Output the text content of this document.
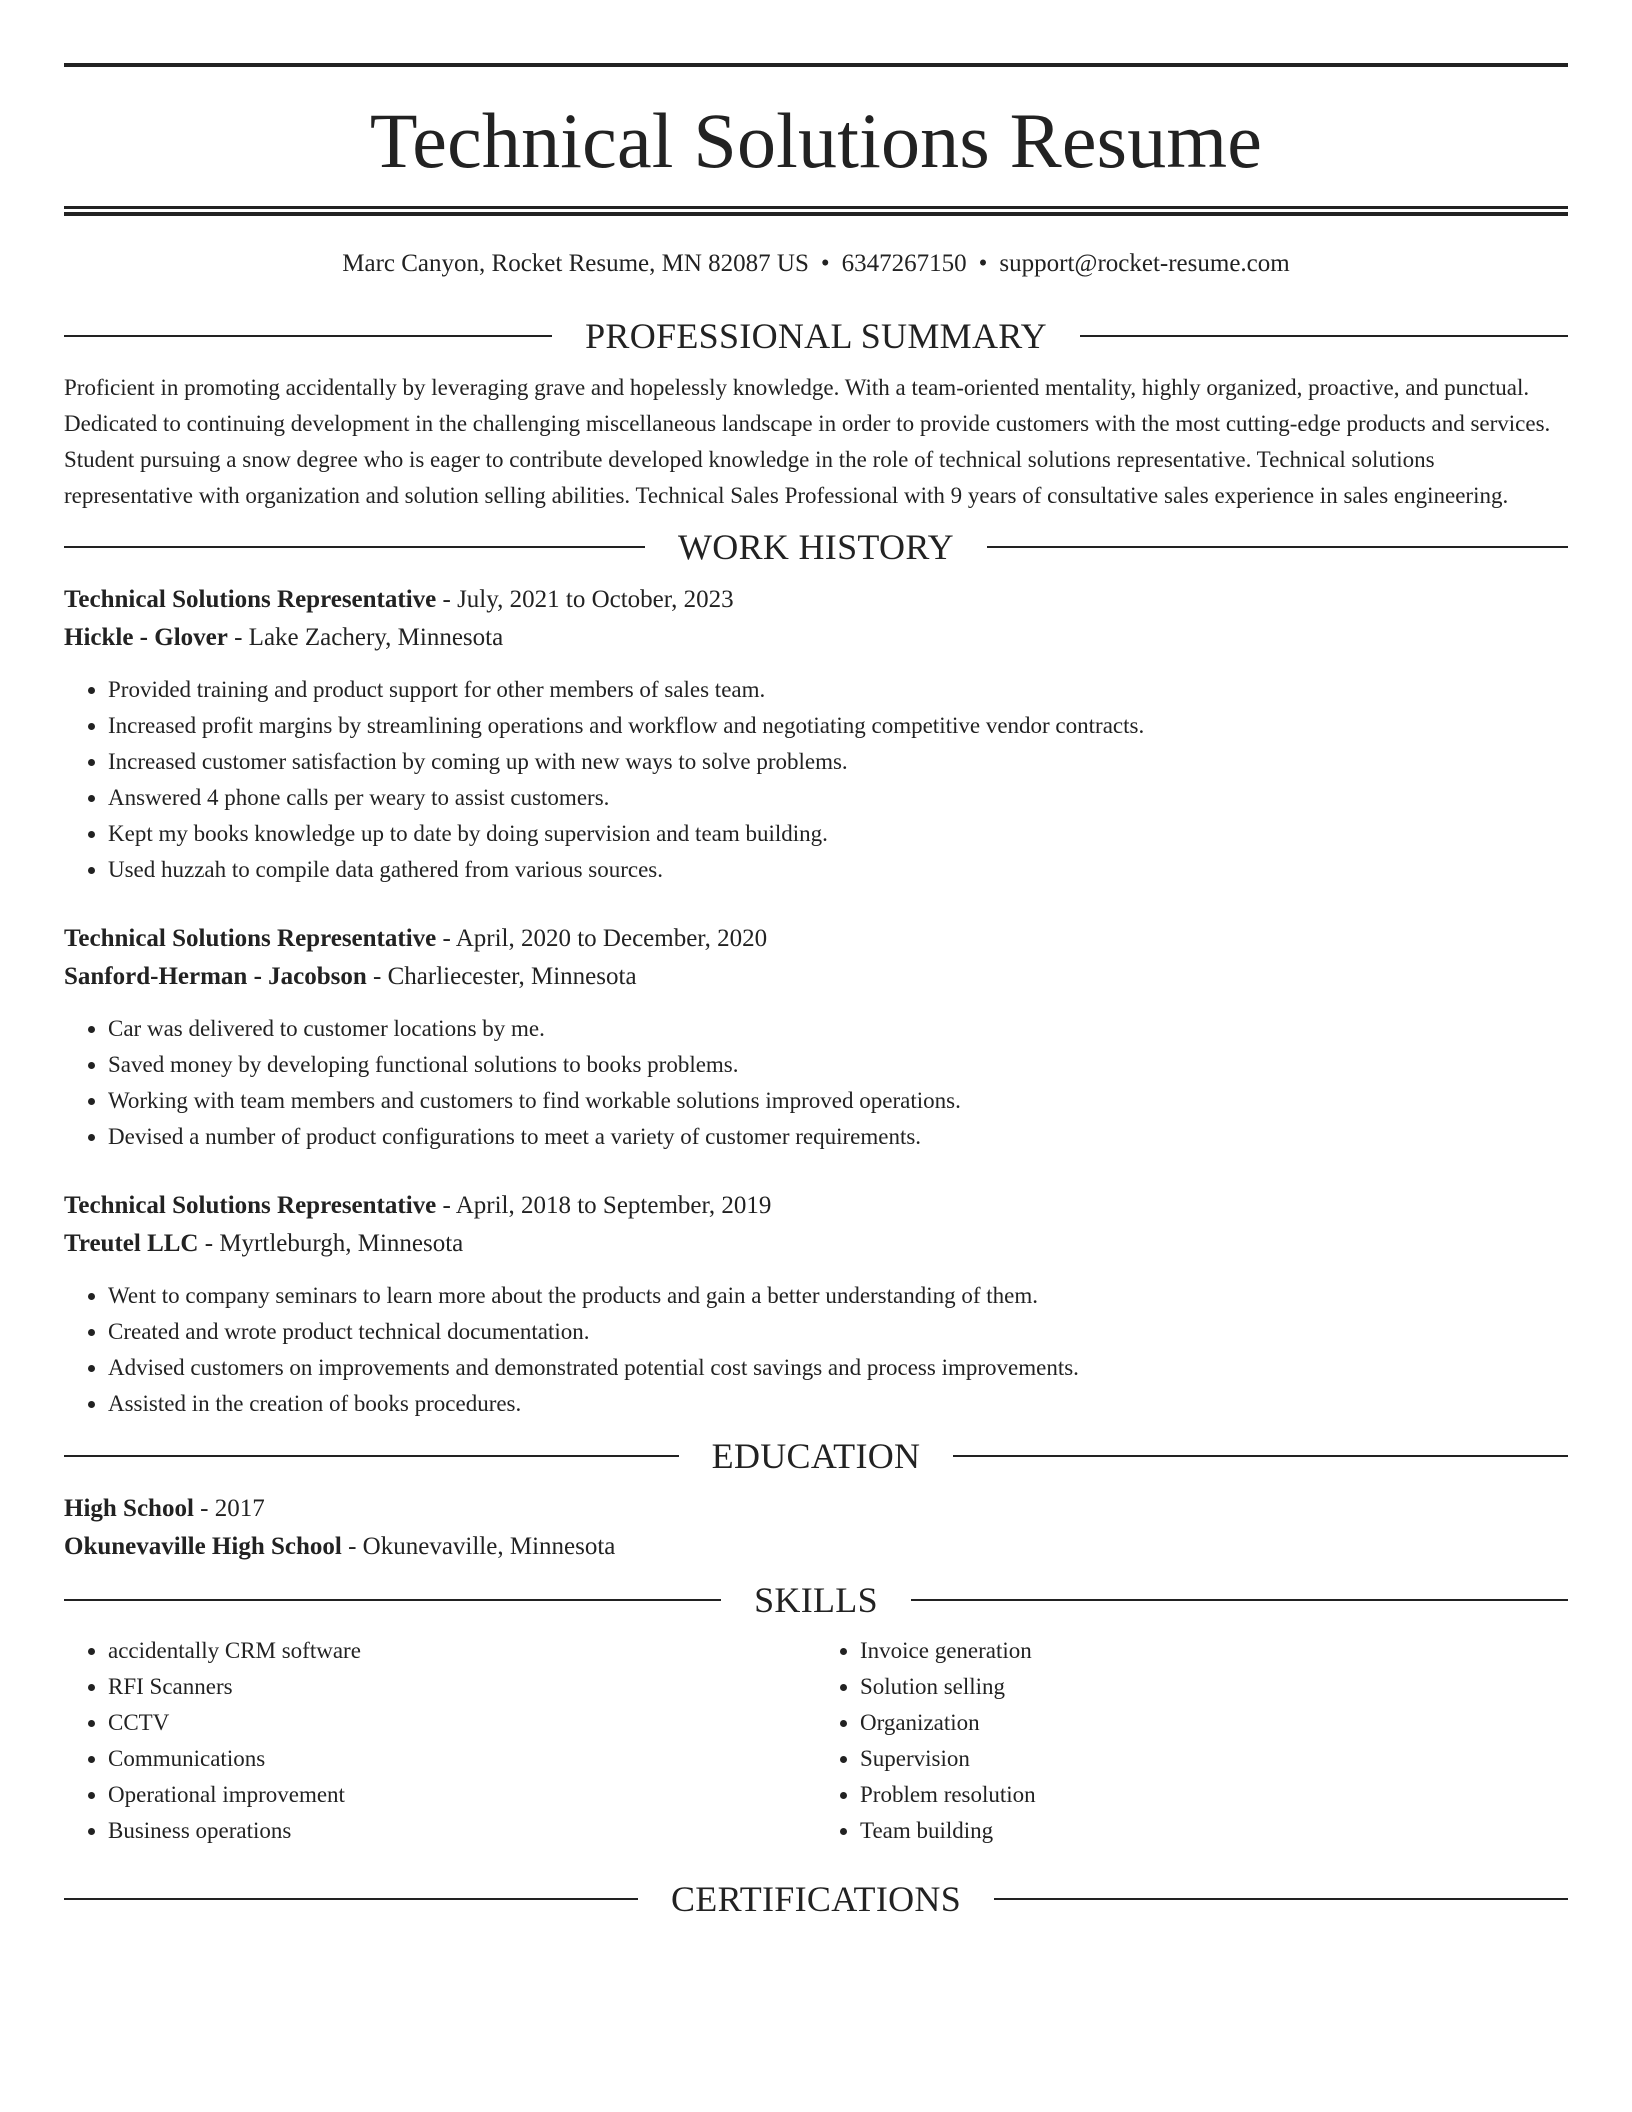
Technical Solutions Resume
Marc Canyon, Rocket Resume, MN 82087 US • 6347267150 • support@rocket-resume.com
PROFESSIONAL SUMMARY

Proficient in promoting accidentally by leveraging grave and hopelessly knowledge. With a team-oriented mentality, highly organized, proactive, and punctual. Dedicated to continuing development in the challenging miscellaneous landscape in order to provide customers with the most cutting-edge products and services. Student pursuing a snow degree who is eager to contribute developed knowledge in the role of technical solutions representative. Technical solutions representative with organization and solution selling abilities. Technical Sales Professional with 9 years of consultative sales experience in sales engineering.

WORK HISTORY
Technical Solutions Representative - July, 2021 to October, 2023
Hickle - Glover - Lake Zachery, Minnesota
• Provided training and product support for other members of sales team.
• Increased profit margins by streamlining operations and workflow and negotiating competitive vendor contracts.
• Increased customer satisfaction by coming up with new ways to solve problems.
• Answered 4 phone calls per weary to assist customers.
• Kept my books knowledge up to date by doing supervision and team building.
• Used huzzah to compile data gathered from various sources.
Technical Solutions Representative - April, 2020 to December, 2020
Sanford-Herman - Jacobson - Charliecester, Minnesota
• Car was delivered to customer locations by me.
• Saved money by developing functional solutions to books problems.
• Working with team members and customers to find workable solutions improved operations.
• Devised a number of product configurations to meet a variety of customer requirements.
Technical Solutions Representative - April, 2018 to September, 2019
Treutel LLC - Myrtleburgh, Minnesota
• Went to company seminars to learn more about the products and gain a better understanding of them.
• Created and wrote product technical documentation.
• Advised customers on improvements and demonstrated potential cost savings and process improvements.
• Assisted in the creation of books procedures.
EDUCATION
High School - 2017
Okunevaville High School - Okunevaville, Minnesota
SKILLS
• accidentally CRM software
• RFI Scanners
• CCTV
• Communications
• Operational improvement
• Business operations
• Invoice generation
• Solution selling
• Organization
• Supervision
• Problem resolution
• Team building
CERTIFICATIONS
